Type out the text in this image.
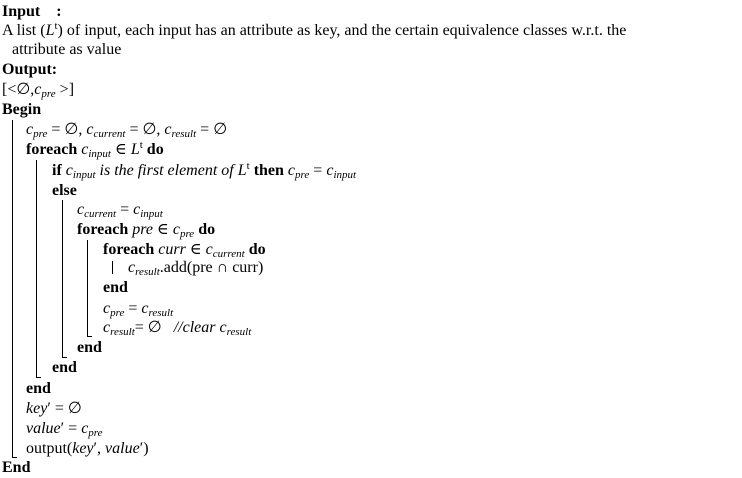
Input :
A list $(L^t)$ of input, each input has an attribute as key, and the certain equivalence classes w.r.t. the
attribute as value
Output:
[$<\emptyset,c_{pre}$ >]
Begin
$c_{pre}$ = ∅, $c_{current}$ = ∅, $c_{result}$ = ∅
foreach $c_{input}$ ∈ $L^t$ do
if $c_{input}$ is the first element of $L^t$ then $c_{pre} = c_{input}$
else
$c_{current} = c_{input}$
foreach pre ∈ $c_{pre}$ do
foreach curr ∈ $c_{current}$ do
$c_{result}.add(pre$ ∩ curr)
end
$c_{pre} = c_{result}$
$c_{result}=$ ∅ //clear $c_{result}$
end
end
end
key′ = ∅
value′ = $c_{pre}$
output(key′, value′)
End
